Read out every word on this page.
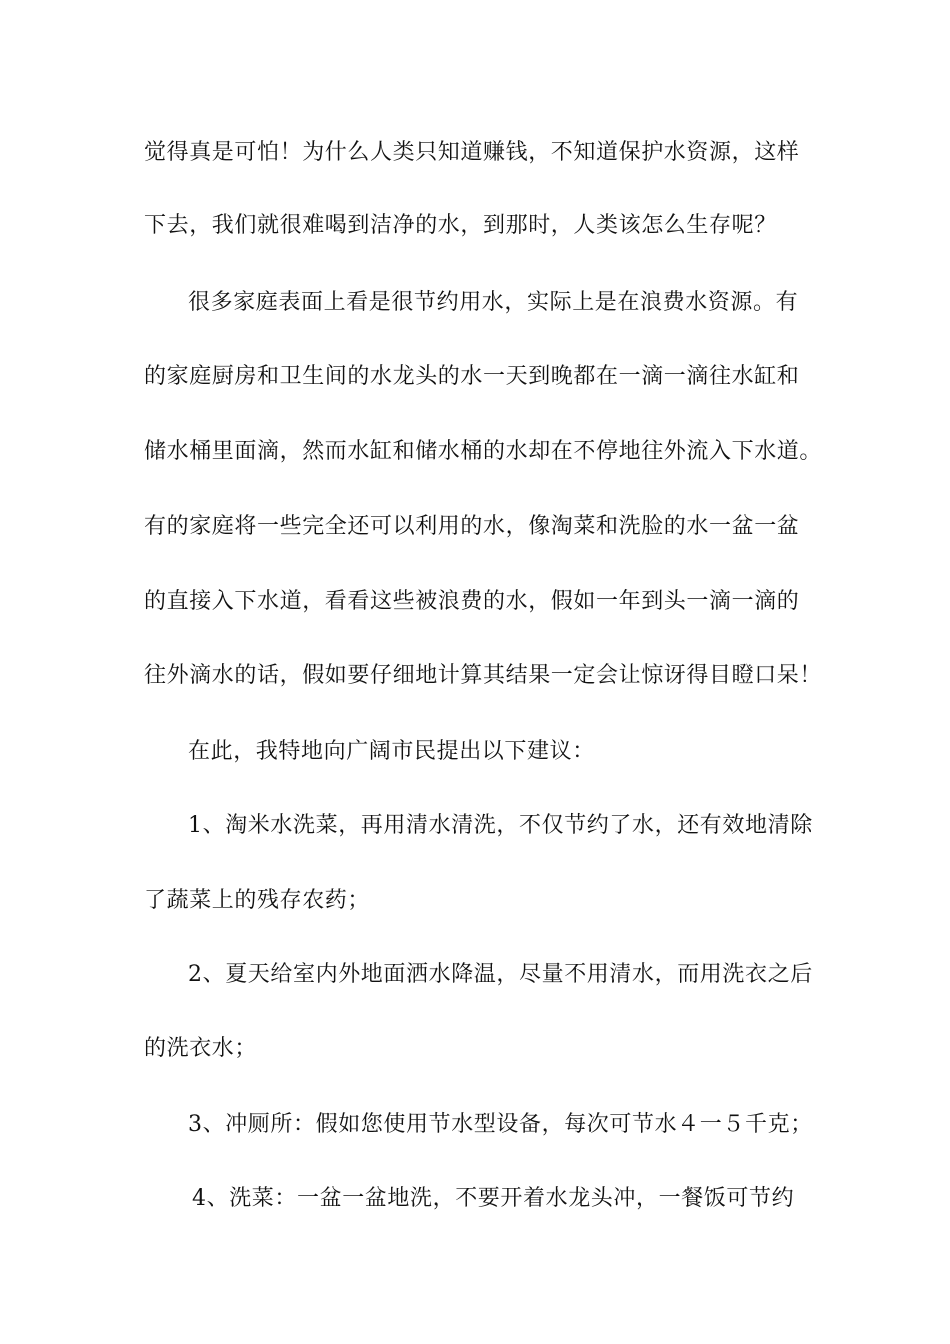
觉得真是可怕！为什么人类只知道赚钱，不知道保护水资源，这样
下去，我们就很难喝到洁净的水，到那时，人类该怎么生存呢？
很多家庭表面上看是很节约用水，实际上是在浪费水资源。有
的家庭厨房和卫生间的水龙头的水一天到晚都在一滴一滴往水缸和
储水桶里面滴，然而水缸和储水桶的水却在不停地往外流入下水道。
有的家庭将一些完全还可以利用的水，像淘菜和洗脸的水一盆一盆
的直接入下水道，看看这些被浪费的水，假如一年到头一滴一滴的
往外滴水的话，假如要仔细地计算其结果一定会让惊讶得目瞪口呆！
在此，我特地向广阔市民提出以下建议：
1、淘米水洗菜，再用清水清洗，不仅节约了水，还有效地清除
了蔬菜上的残存农药；
2、夏天给室内外地面洒水降温，尽量不用清水，而用洗衣之后
的洗衣水；
3、冲厕所：假如您使用节水型设备，每次可节水４一５千克；
4、洗菜：一盆一盆地洗，不要开着水龙头冲，一餐饭可节约
